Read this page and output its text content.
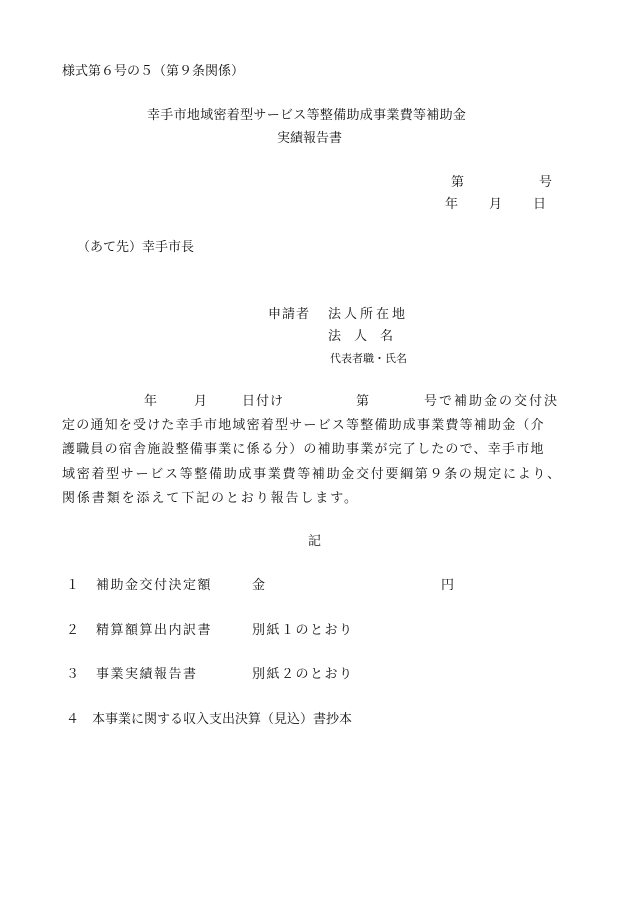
様式第６号の５（第９条関係）
幸手市地域密着型サービス等整備助成事業費等補助金
実績報告書
第	号
年 月 日
（あて先）幸手市長
申請者 法人所在地
法　人　名
代表者職・氏名
年	月	日付け	第	号で補助金の交付決
定の通知を受けた幸手市地域密着型サービス等整備助成事業費等補助金（介
護職員の宿舎施設整備事業に係る分）の補助事業が完了したので、幸手市地
域密着型サービス等整備助成事業費等補助金交付要綱第９条の規定により、
関係書類を添えて下記のとおり報告します。
記
１ 補助金交付決定額	金	円
２ 精算額算出内訳書	別紙１のとおり
３ 事業実績報告書	別紙２のとおり
４ 本事業に関する収入支出決算（見込）書抄本
